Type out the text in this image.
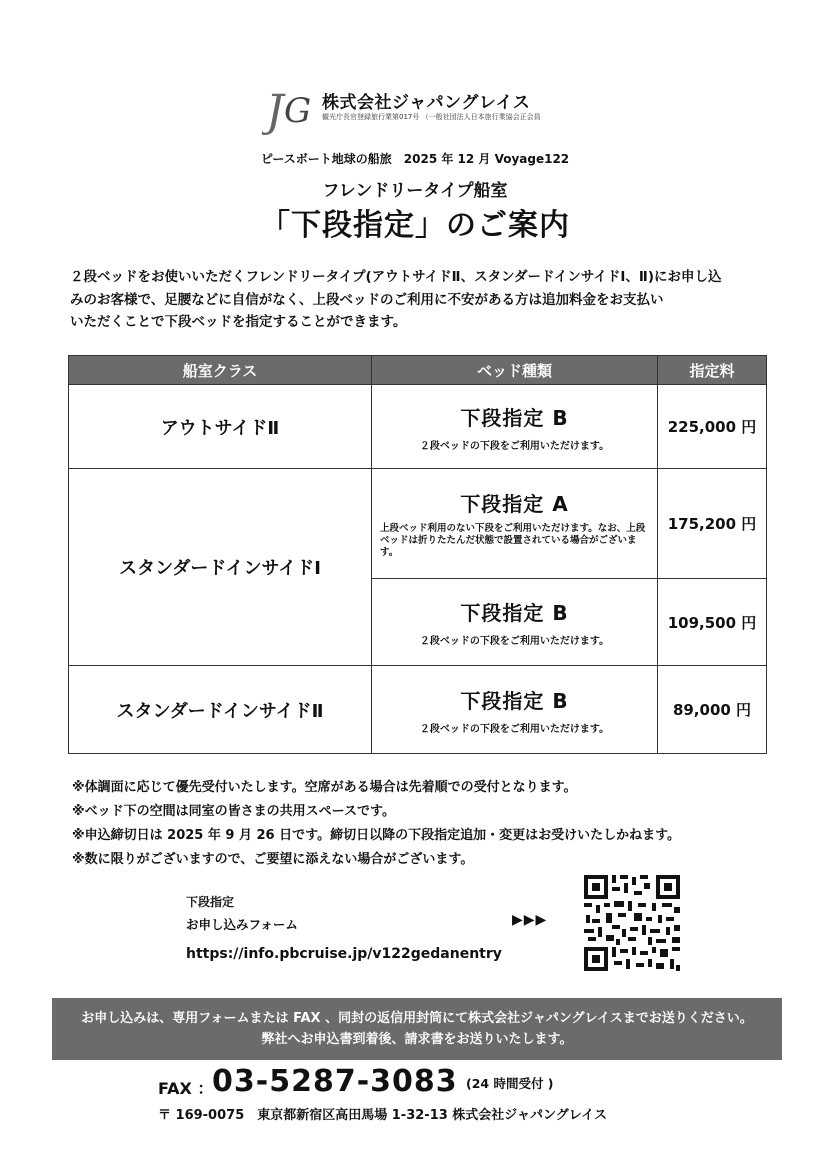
J G 株式会社ジャパングレイス
観光庁長官登録旅行業第017号 （一般社団法人日本旅行業協会正会員
ピースボート地球の船旅　2025 年 12 月 Voyage122
フレンドリータイプ船室
「下段指定」のご案内
２段ベッドをお使いいただくフレンドリータイプ(アウトサイドⅡ、スタンダードインサイドⅠ、Ⅱ)にお申し込
みのお客様で、足腰などに自信がなく、上段ベッドのご利用に不安がある方は追加料金をお支払い
いただくことで下段ベッドを指定することができます。
船室クラス	ベッド種類	指定料
アウトサイドⅡ	下段指定 B
２段ベッドの下段をご利用いただけます。	225,000 円
スタンダードインサイドⅠ	下段指定 A
上段ベッド利用のない下段をご利用いただけます。なお、上段ベッドは折りたたんだ状態で設置されている場合がございます。	175,200 円

	下段指定 B
２段ベッドの下段をご利用いただけます。	109,500 円
スタンダードインサイドⅡ	下段指定 B
２段ベッドの下段をご利用いただけます。	89,000 円
※体調面に応じて優先受付いたします。空席がある場合は先着順での受付となります。
※ベッド下の空間は同室の皆さまの共用スペースです。
※申込締切日は 2025 年 9 月 26 日です。締切日以降の下段指定追加・変更はお受けいたしかねます。
※数に限りがございますので、ご要望に添えない場合がございます。
下段指定
お申し込みフォーム	▶▶▶
https://info.pbcruise.jp/v122gedanentry
お申し込みは、専用フォームまたは FAX 、同封の返信用封筒にて株式会社ジャパングレイスまでお送りください。
弊社へお申込書到着後、請求書をお送りいたします。
FAX ：
03-5287-3083 (24 時間受付 )
〒 169-0075　東京都新宿区高田馬場 1-32-13 株式会社ジャパングレイス
